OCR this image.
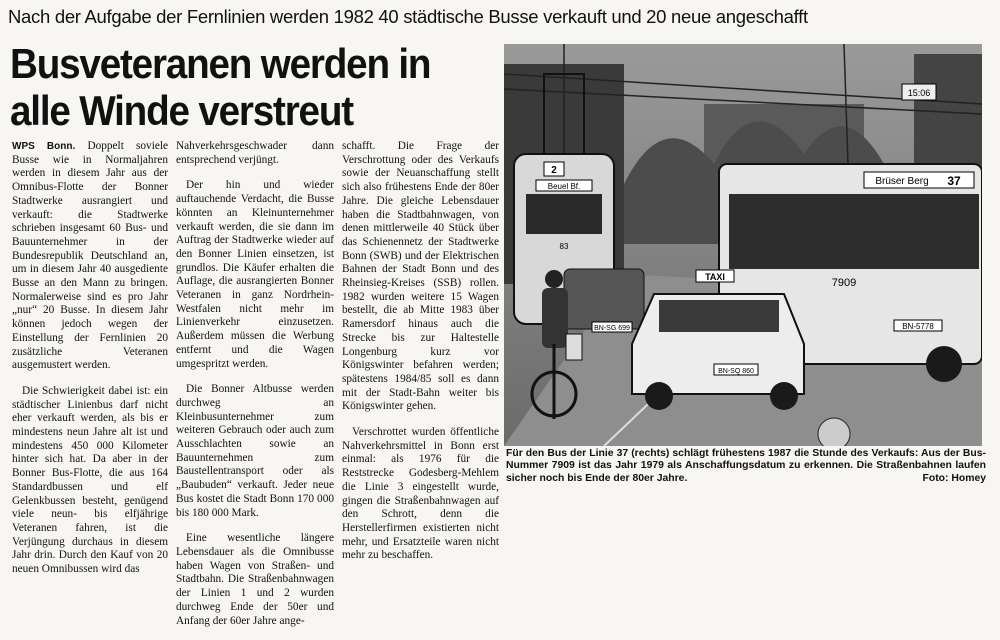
Nach der Aufgabe der Fernlinien werden 1982 40 städtische Busse verkauft und 20 neue angeschafft
Busveteranen werden in
alle Winde verstreut

WPS Bonn. Doppelt soviele Busse wie in Normaljahren werden in diesem Jahr aus der Omnibus-Flotte der Bonner Stadtwerke ausrangiert und verkauft: die Stadtwerke schrieben insgesamt 60 Bus- und Bauunternehmer in der Bundesrepublik Deutschland an, um in diesem Jahr 40 ausgediente Busse an den Mann zu bringen. Normalerweise sind es pro Jahr „nur“ 20 Busse. In diesem Jahr können jedoch wegen der Einstellung der Fernlinien 20 zusätzliche Veteranen ausgemustert werden.

Die Schwierigkeit dabei ist: ein städtischer Linienbus darf nicht eher verkauft werden, als bis er mindestens neun Jahre alt ist und mindestens 450 000 Kilometer hinter sich hat. Da aber in der Bonner Bus-Flotte, die aus 164 Standardbussen und elf Gelenkbussen besteht, genügend viele neun- bis elfjährige Veteranen fahren, ist die Verjüngung durchaus in diesem Jahr drin. Durch den Kauf von 20 neuen Omnibussen wird das

Nahverkehrsgeschwader dann entsprechend verjüngt.

Der hin und wieder auftauchende Verdacht, die Busse könnten an Kleinunternehmer verkauft werden, die sie dann im Auftrag der Stadtwerke wieder auf den Bonner Linien einsetzen, ist grundlos. Die Käufer erhalten die Auflage, die ausrangierten Bonner Veteranen in ganz Nordrhein-Westfalen nicht mehr im Linienverkehr einzusetzen. Außerdem müssen die Werbung entfernt und die Wagen umgespritzt werden.

Die Bonner Altbusse werden durchweg an Kleinbusunternehmer zum weiteren Gebrauch oder auch zum Ausschlachten sowie an Bauunternehmen zum Baustellentransport oder als „Baubuden“ verkauft. Jeder neue Bus kostet die Stadt Bonn 170 000 bis 180 000 Mark.

Eine wesentliche längere Lebensdauer als die Omnibusse haben Wagen von Straßen- und Stadtbahn. Die Straßenbahnwagen der Linien 1 und 2 wurden durchweg Ende der 50er und Anfang der 60er Jahre ange-

schafft. Die Frage der Verschrottung oder des Verkaufs sowie der Neuanschaffung stellt sich also frühestens Ende der 80er Jahre. Die gleiche Lebensdauer haben die Stadtbahnwagen, von denen mittlerweile 40 Stück über das Schienennetz der Stadtwerke Bonn (SWB) und der Elektrischen Bahnen der Stadt Bonn und des Rheinsieg-Kreises (SSB) rollen. 1982 wurden weitere 15 Wagen bestellt, die ab Mitte 1983 über Ramersdorf hinaus auch die Strecke bis zur Haltestelle Longenburg kurz vor Königswinter befahren werden; spätestens 1984/85 soll es dann mit der Stadt-Bahn weiter bis Königswinter gehen.

Verschrottet wurden öffentliche Nahverkehrsmittel in Bonn erst einmal: als 1976 für die Reststrecke Godesberg-Mehlem die Linie 3 eingestellt wurde, gingen die Straßenbahnwagen auf den Schrott, denn die Herstellerfirmen existierten nicht mehr, und Ersatzteile waren nicht mehr zu beschaffen.

2
Beuel Bf.
83
Brüser Berg 37
7909
BN-5778
15:06
BN-SG 699
TAXI
BN-SQ 860
Für den Bus der Linie 37 (rechts) schlägt frühestens 1987 die Stunde des Verkaufs: Aus der Bus-Nummer 7909 ist das Jahr 1979 als Anschaffungsdatum zu erkennen. Die Straßenbahnen laufen sicher noch bis Ende der 80er Jahre.	Foto: Homey
